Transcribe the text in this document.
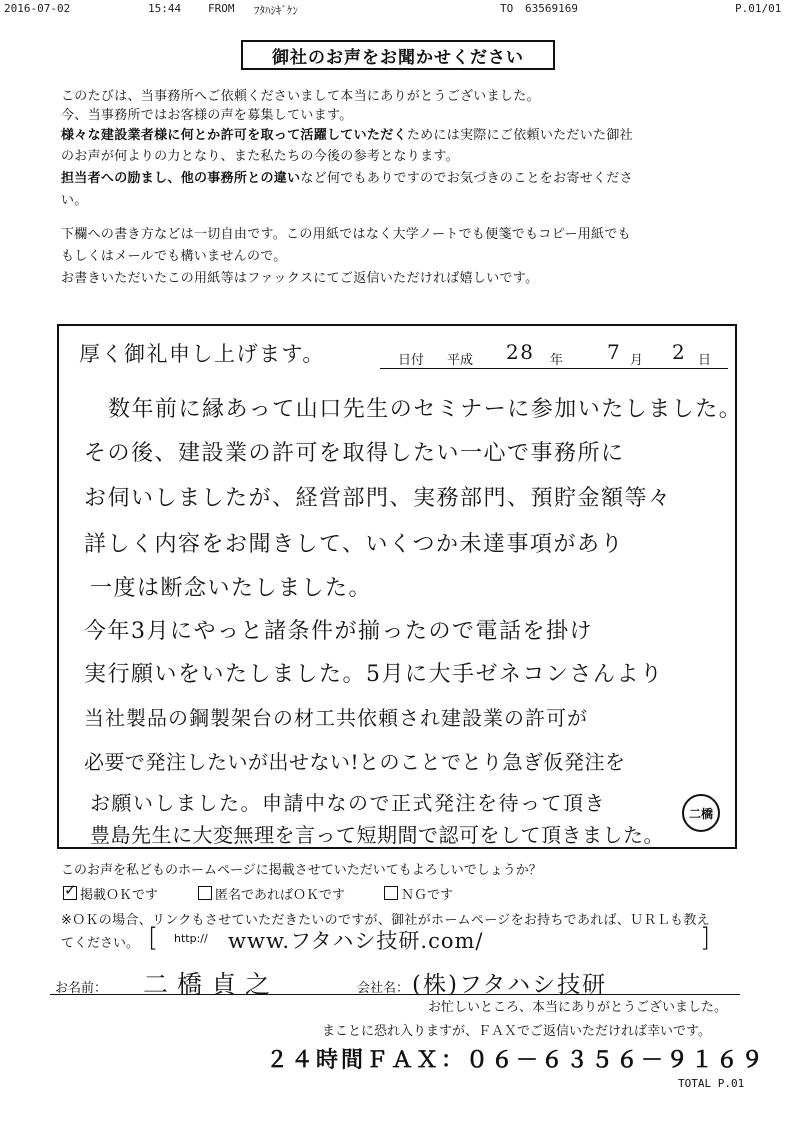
2016-07-02	15:44 FROM ﾌﾀﾊｼｷﾞｹﾝ	TO 63569169	P.01/01
御社のお声をお聞かせください
このたびは、当事務所へご依頼くださいまして本当にありがとうございました。
今、当事務所ではお客様の声を募集しています。
様々な建設業者様に何とか許可を取って活躍していただくためには実際にご依頼いただいた御社
のお声が何よりの力となり、また私たちの今後の参考となります。
担当者への励まし、他の事務所との違いなど何でもありですのでお気づきのことをお寄せくださ
い。
下欄への書き方などは一切自由です。この用紙ではなく大学ノートでも便箋でもコピー用紙でも
もしくはメールでも構いませんので。
お書きいただいたこの用紙等はファックスにてご返信いただければ嬉しいです。
厚く御礼申し上げます。	日付 平成 28 年 7 月 2 日
数年前に縁あって山口先生のセミナーに参加いたしました。
その後、建設業の許可を取得したい一心で事務所に
お伺いしましたが、経営部門、実務部門、預貯金額等々
詳しく内容をお聞きして、いくつか未達事項があり
一度は断念いたしました。
今年3月にやっと諸条件が揃ったので電話を掛け
実行願いをいたしました。5月に大手ゼネコンさんより
当社製品の鋼製架台の材工共依頼され建設業の許可が
必要で発注したいが出せない!とのことでとり急ぎ仮発注を
お願いしました。申請中なので正式発注を待って頂き
豊島先生に大変無理を言って短期間で認可をして頂きました。
二橋
このお声を私どものホームページに掲載させていただいてもよろしいでしょうか？
✓掲載ＯＫです	匿名であればＯＫです	ＮＧです
※ＯＫの場合、リンクもさせていただきたいのですが、御社がホームページをお持ちであれば、ＵＲＬも教え
てください。 [ http:// www.フタハシ技研.com/	]
お名前： 二橋貞之	会社名： (株)フタハシ技研
お忙しいところ、本当にありがとうございました。
まことに恐れ入りますが、ＦＡＸでご返信いただければ幸いです。
２４時間ＦＡＸ：０６－６３５６－９１６９
TOTAL P.01
